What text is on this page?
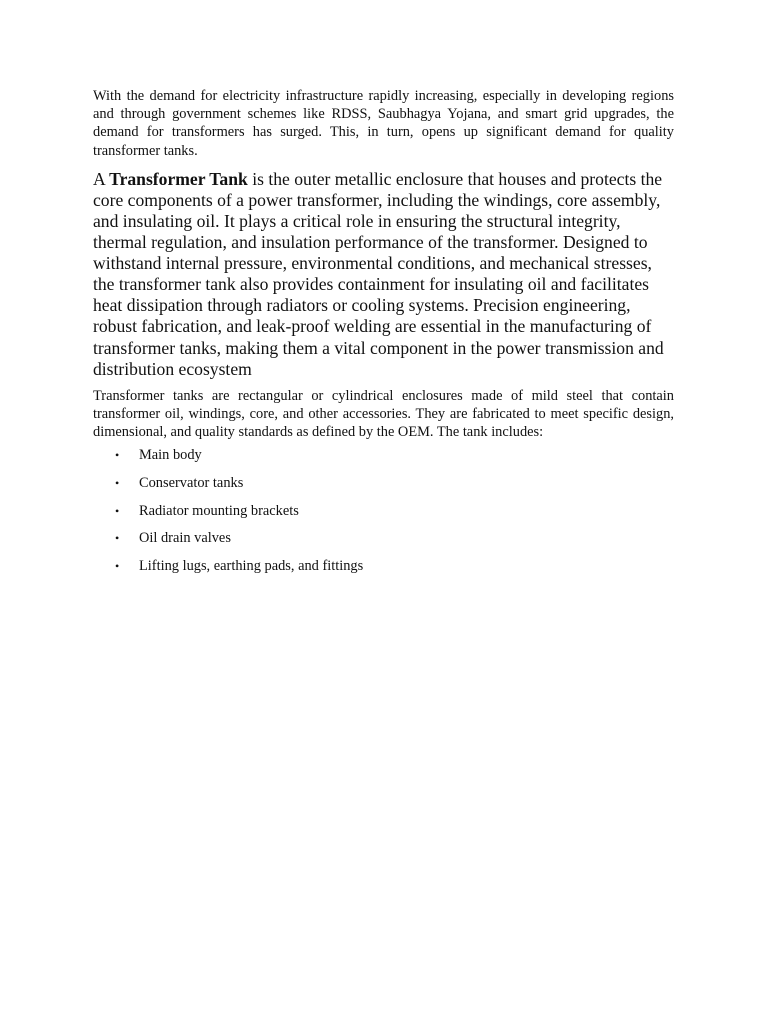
With the demand for electricity infrastructure rapidly increasing, especially in developing regions and through government schemes like RDSS, Saubhagya Yojana, and smart grid upgrades, the demand for transformers has surged. This, in turn, opens up significant demand for quality transformer tanks.

A Transformer Tank is the outer metallic enclosure that houses and protects the core components of a power transformer, including the windings, core assembly, and insulating oil. It plays a critical role in ensuring the structural integrity, thermal regulation, and insulation performance of the transformer. Designed to withstand internal pressure, environmental conditions, and mechanical stresses, the transformer tank also provides containment for insulating oil and facilitates heat dissipation through radiators or cooling systems. Precision engineering, robust fabrication, and leak-proof welding are essential in the manufacturing of transformer tanks, making them a vital component in the power transmission and distribution ecosystem

Transformer tanks are rectangular or cylindrical enclosures made of mild steel that contain transformer oil, windings, core, and other accessories. They are fabricated to meet specific design, dimensional, and quality standards as defined by the OEM. The tank includes:

• Main body
• Conservator tanks
• Radiator mounting brackets
• Oil drain valves
• Lifting lugs, earthing pads, and fittings
